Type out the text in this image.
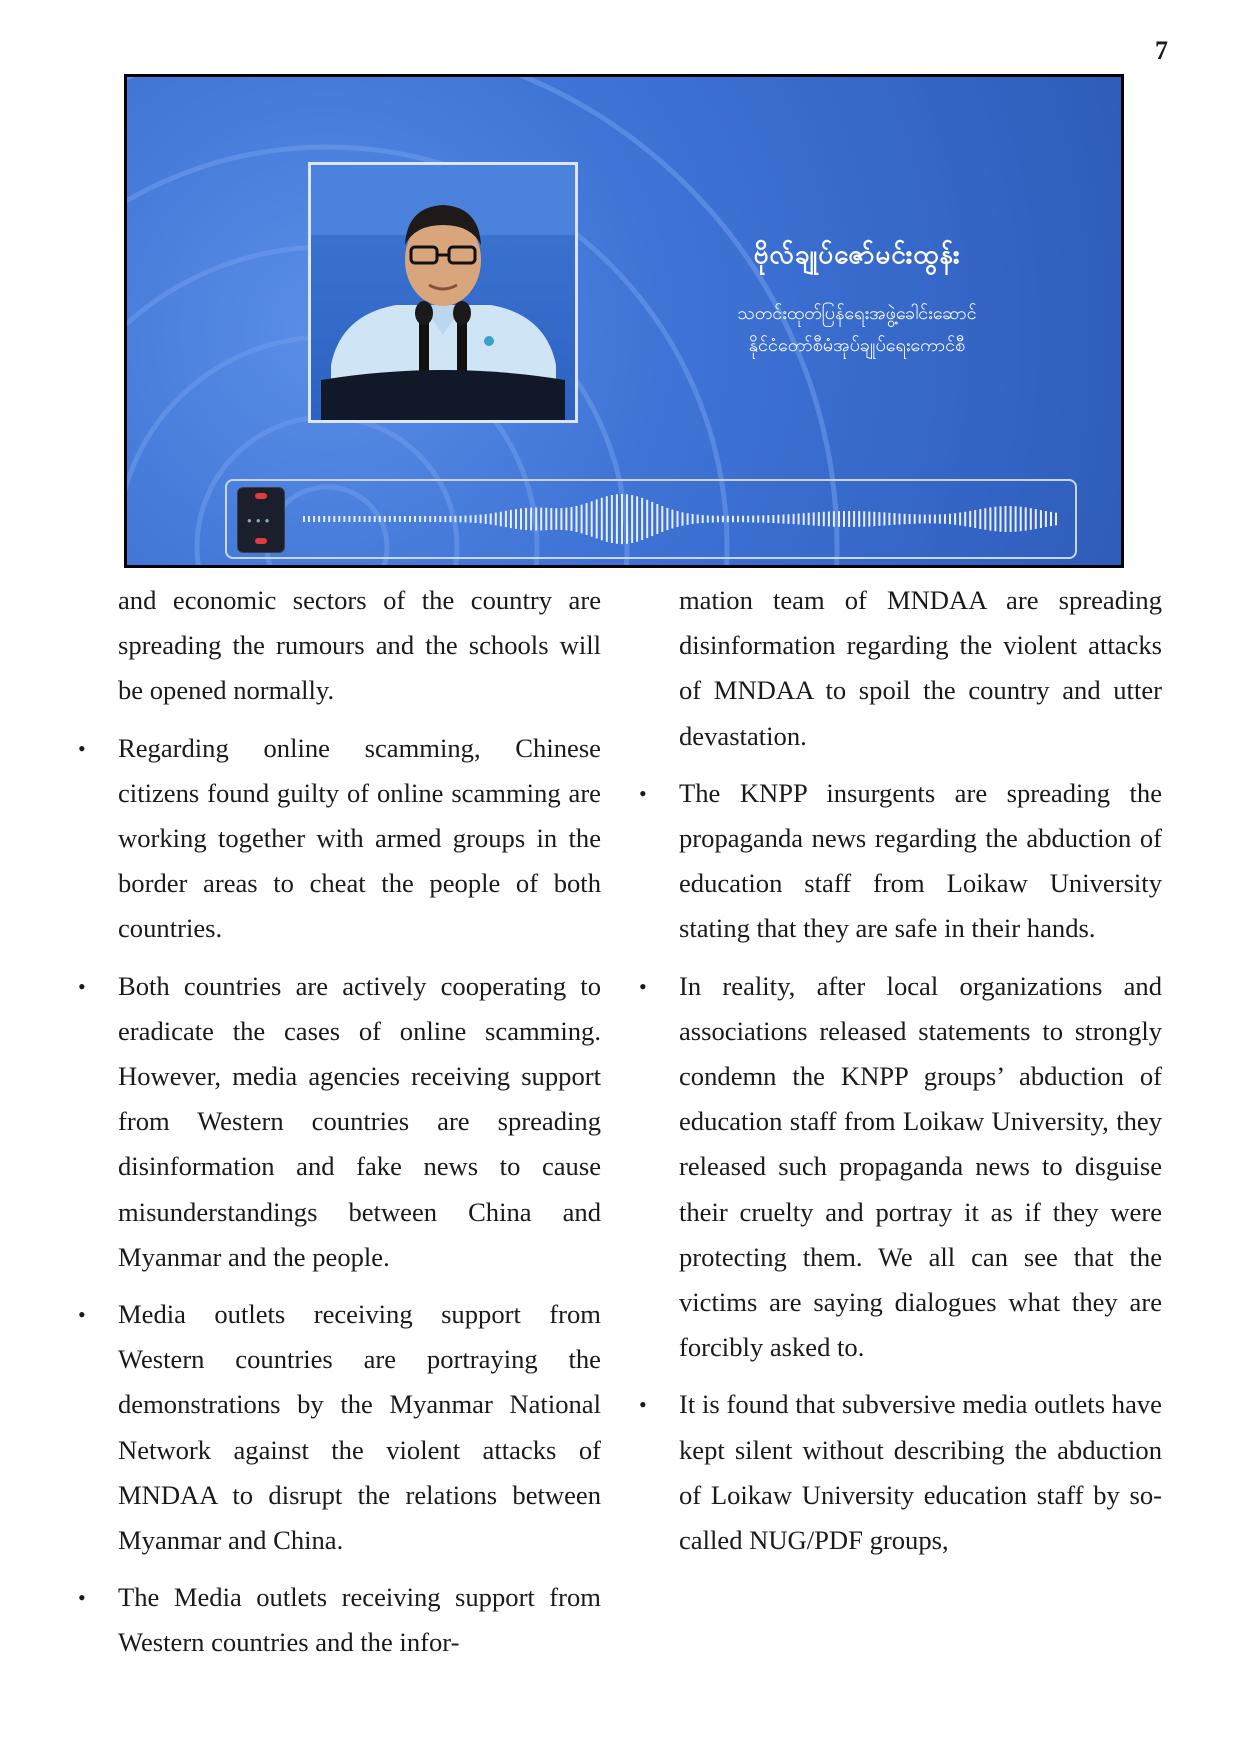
7
ဗိုလ်ချုပ်ဇော်မင်းထွန်း
သတင်းထုတ်ပြန်ရေးအဖွဲ့ခေါင်းဆောင်
နိုင်ငံတော်စီမံအုပ်ချုပ်ရေးကောင်စီ
●●●

and economic sectors of the country are spreading the rumours and the schools will be opened normally.

• Regarding online scamming, Chinese citizens found guilty of online scamming are working together with armed groups in the border areas to cheat the people of both countries.
• Both countries are actively cooperating to eradicate the cases of online scamming. However, media agencies receiving support from Western countries are spreading disinformation and fake news to cause misunderstandings between China and Myanmar and the people.
• Media outlets receiving support from Western countries are portraying the demonstrations by the Myanmar National Network against the violent attacks of MNDAA to disrupt the relations between Myanmar and China.
• The Media outlets receiving support from Western countries and the infor-

mation team of MNDAA are spreading disinformation regarding the violent attacks of MNDAA to spoil the country and utter devastation.

• The KNPP insurgents are spreading the propaganda news regarding the abduction of education staff from Loikaw University stating that they are safe in their hands.
• In reality, after local organizations and associations released statements to strongly condemn the KNPP groups’ abduction of education staff from Loikaw University, they released such propaganda news to disguise their cruelty and portray it as if they were protecting them. We all can see that the victims are saying dialogues what they are forcibly asked to.
• It is found that subversive media outlets have kept silent without describing the abduction of Loikaw University education staff by so-called NUG/PDF groups,
